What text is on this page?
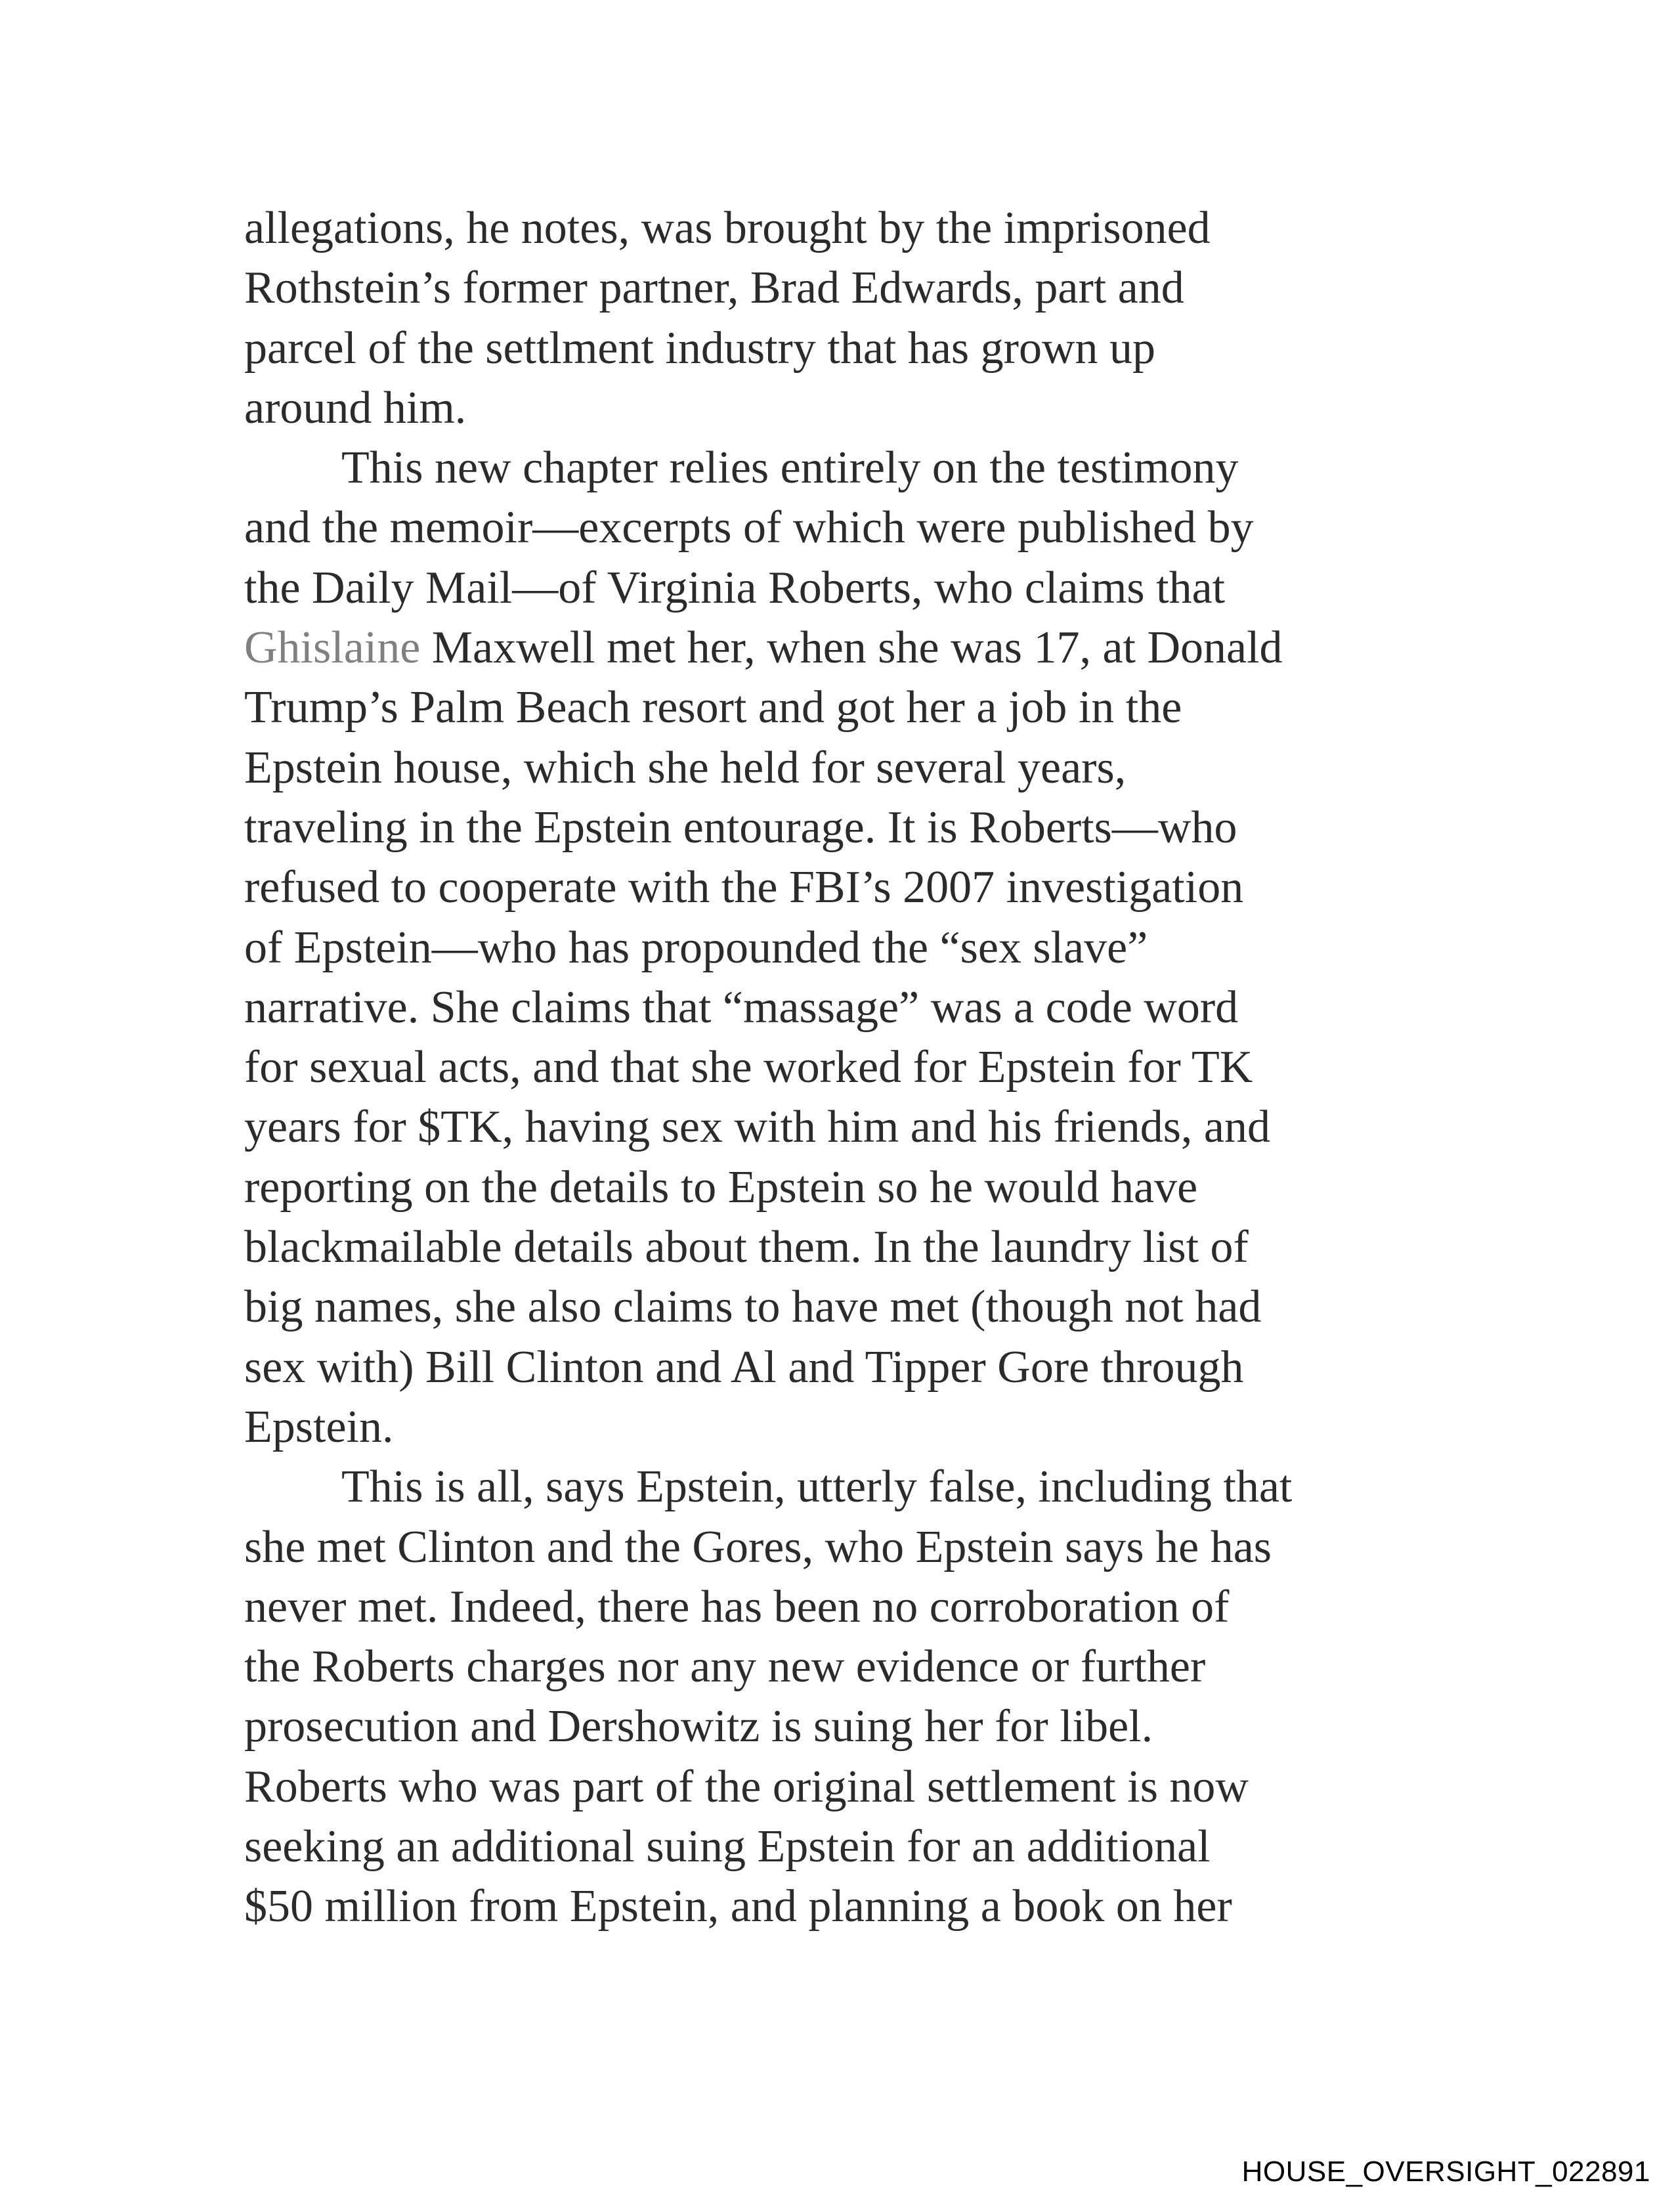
allegations, he notes, was brought by the imprisoned
Rothstein’s former partner, Brad Edwards, part and
parcel of the settlment industry that has grown up
around him.

This new chapter relies entirely on the testimony
and the memoir—excerpts of which were published by
the Daily Mail—of Virginia Roberts, who claims that
Ghislaine Maxwell met her, when she was 17, at Donald
Trump’s Palm Beach resort and got her a job in the
Epstein house, which she held for several years,
traveling in the Epstein entourage. It is Roberts—who
refused to cooperate with the FBI’s 2007 investigation
of Epstein—who has propounded the “sex slave”
narrative. She claims that “massage” was a code word
for sexual acts, and that she worked for Epstein for TK
years for $TK, having sex with him and his friends, and
reporting on the details to Epstein so he would have
blackmailable details about them. In the laundry list of
big names, she also claims to have met (though not had
sex with) Bill Clinton and Al and Tipper Gore through
Epstein.

This is all, says Epstein, utterly false, including that
she met Clinton and the Gores, who Epstein says he has
never met. Indeed, there has been no corroboration of
the Roberts charges nor any new evidence or further
prosecution and Dershowitz is suing her for libel.
Roberts who was part of the original settlement is now
seeking an additional suing Epstein for an additional
$50 million from Epstein, and planning a book on her

HOUSE_OVERSIGHT_022891
